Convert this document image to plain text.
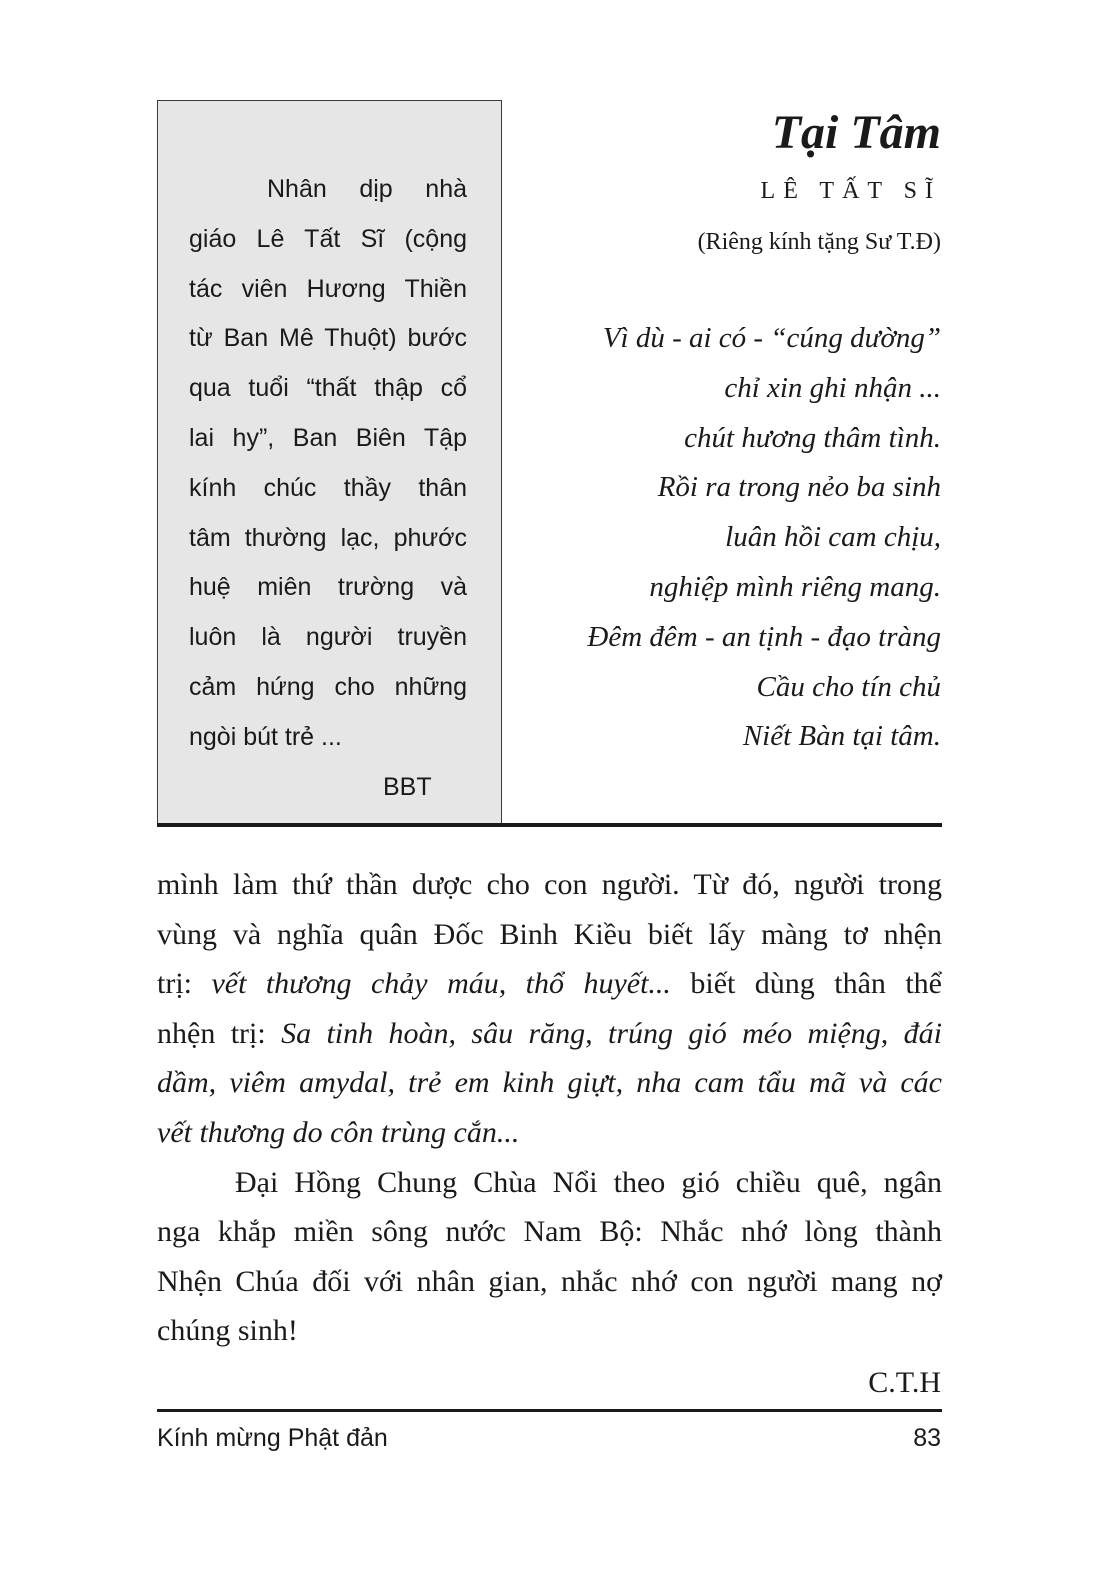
Nhân dịp nhà
giáo Lê Tất Sĩ (cộng
tác viên Hương Thiền
từ Ban Mê Thuột) bước
qua tuổi “thất thập cổ
lai hy”, Ban Biên Tập
kính chúc thầy thân
tâm thường lạc, phước
huệ miên trường và
luôn là người truyền
cảm hứng cho những
ngòi bút trẻ ...
BBT
Tại Tâm
LÊ TẤT SĨ
(Riêng kính tặng Sư T.Đ)
Vì dù - ai có - “cúng dường”
chỉ xin ghi nhận ...
chút hương thâm tình.
Rồi ra trong nẻo ba sinh
luân hồi cam chịu,
nghiệp mình riêng mang.
Đêm đêm - an tịnh - đạo tràng
Cầu cho tín chủ
Niết Bàn tại tâm.
mình làm thứ thần dược cho con người. Từ đó, người trong
vùng và nghĩa quân Đốc Binh Kiều biết lấy màng tơ nhện
trị: vết thương chảy máu, thổ huyết... biết dùng thân thể
nhện trị: Sa tinh hoàn, sâu răng, trúng gió méo miệng, đái
dầm, viêm amydal, trẻ em kinh giựt, nha cam tẩu mã và các
vết thương do côn trùng cắn...
Đại Hồng Chung Chùa Nổi theo gió chiều quê, ngân
nga khắp miền sông nước Nam Bộ: Nhắc nhớ lòng thành
Nhện Chúa đối với nhân gian, nhắc nhớ con người mang nợ
chúng sinh!
C.T.H
Kính mừng Phật đản	83
